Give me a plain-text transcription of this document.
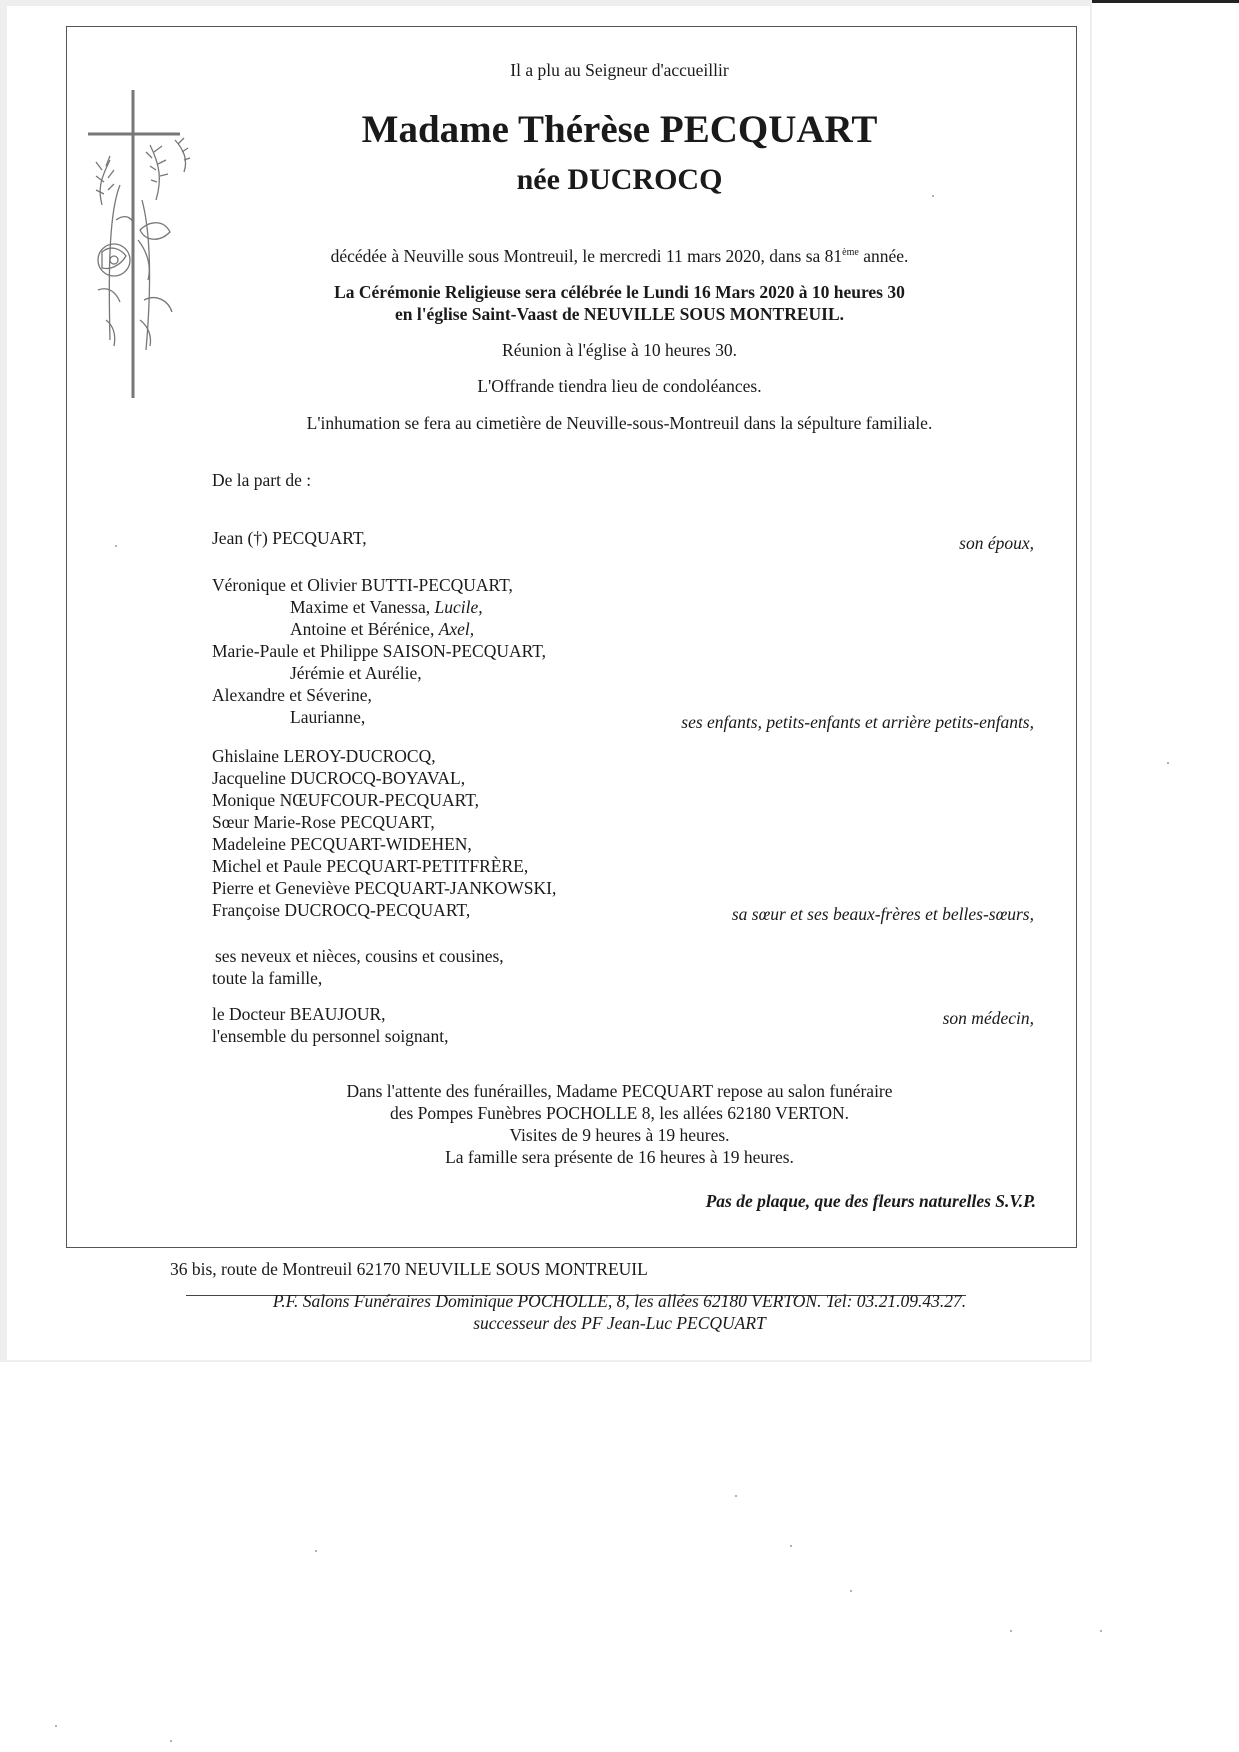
Il a plu au Seigneur d'accueillir
Madame Thérèse PECQUART
née DUCROCQ
décédée à Neuville sous Montreuil, le mercredi 11 mars 2020, dans sa 81ème année.
La Cérémonie Religieuse sera célébrée le Lundi 16 Mars 2020 à 10 heures 30
en l'église Saint-Vaast de NEUVILLE SOUS MONTREUIL.
Réunion à l'église à 10 heures 30.
L'Offrande tiendra lieu de condoléances.
L'inhumation se fera au cimetière de Neuville-sous-Montreuil dans la sépulture familiale.
De la part de :
Jean (†) PECQUART,	son époux,
Véronique et Olivier BUTTI-PECQUART,
Maxime et Vanessa, Lucile,
Antoine et Bérénice, Axel,
Marie-Paule et Philippe SAISON-PECQUART,
Jérémie et Aurélie,
Alexandre et Séverine,
Laurianne,	ses enfants, petits-enfants et arrière petits-enfants,
Ghislaine LEROY-DUCROCQ,
Jacqueline DUCROCQ-BOYAVAL,
Monique NŒUFCOUR-PECQUART,
Sœur Marie-Rose PECQUART,
Madeleine PECQUART-WIDEHEN,
Michel et Paule PECQUART-PETITFRÈRE,
Pierre et Geneviève PECQUART-JANKOWSKI,
Françoise DUCROCQ-PECQUART,	sa sœur et ses beaux-frères et belles-sœurs,
ses neveux et nièces, cousins et cousines,
toute la famille,
le Docteur BEAUJOUR,	son médecin,
l'ensemble du personnel soignant,
Dans l'attente des funérailles, Madame PECQUART repose au salon funéraire
des Pompes Funèbres POCHOLLE 8, les allées 62180 VERTON.
Visites de 9 heures à 19 heures.
La famille sera présente de 16 heures à 19 heures.
Pas de plaque, que des fleurs naturelles S.V.P.
36 bis, route de Montreuil 62170 NEUVILLE SOUS MONTREUIL
P.F. Salons Funéraires Dominique POCHOLLE, 8, les allées 62180 VERTON. Tel: 03.21.09.43.27.
successeur des PF Jean-Luc PECQUART
